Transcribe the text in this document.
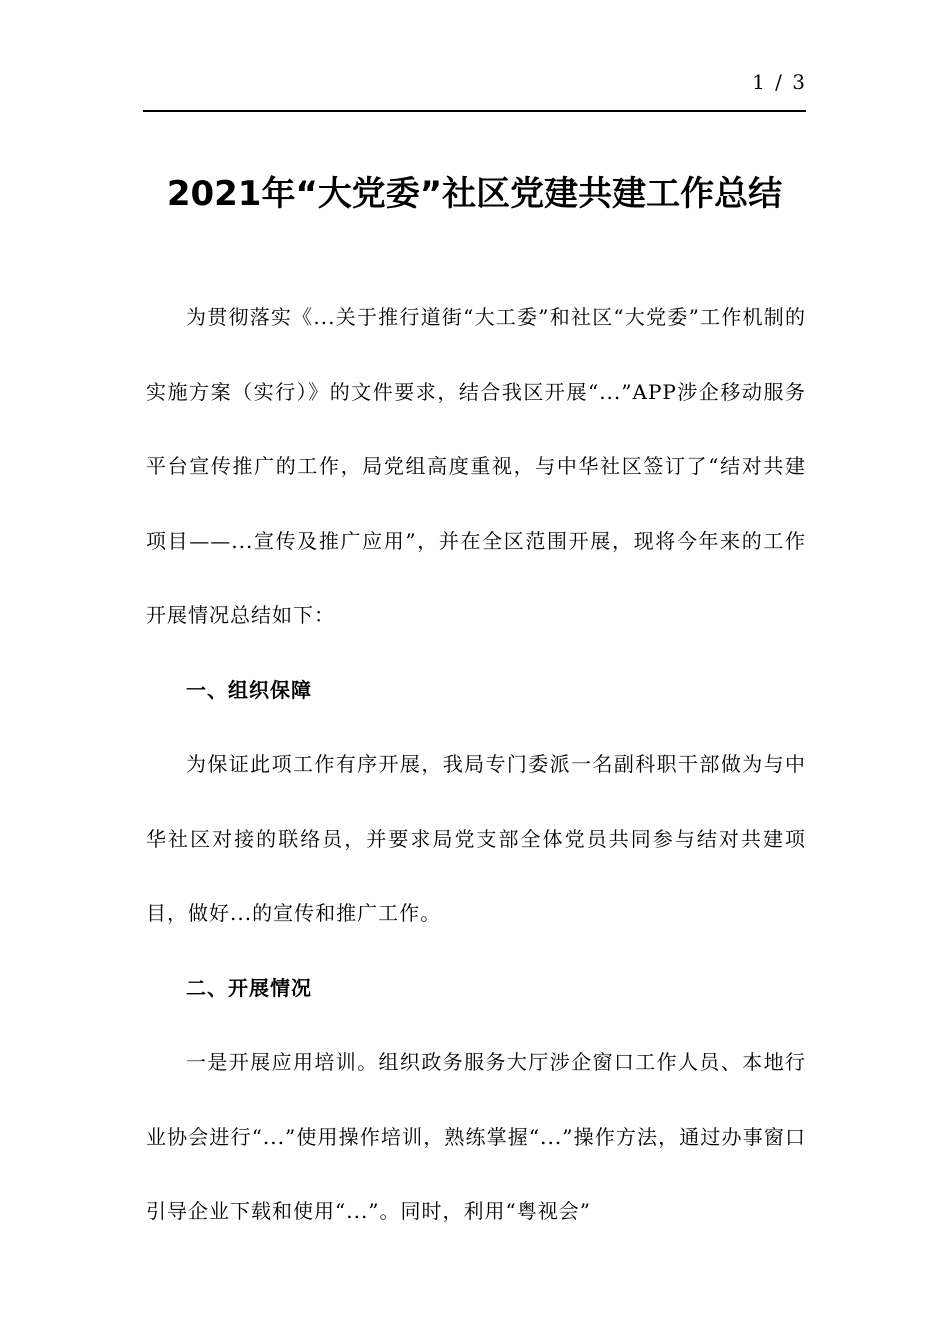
1 / 3
2021年“大党委”社区党建共建工作总结

为贯彻落实《...关于推行道街“大工委”和社区“大党委”工作机制的实施方案（实行）》的文件要求，结合我区开展“...”APP涉企移动服务平台宣传推广的工作，局党组高度重视，与中华社区签订了“结对共建项目——...宣传及推广应用”，并在全区范围开展，现将今年来的工作开展情况总结如下：

一、组织保障

为保证此项工作有序开展，我局专门委派一名副科职干部做为与中华社区对接的联络员，并要求局党支部全体党员共同参与结对共建项目，做好...的宣传和推广工作。

二、开展情况

一是开展应用培训。组织政务服务大厅涉企窗口工作人员、本地行业协会进行“...”使用操作培训，熟练掌握“...”操作方法，通过办事窗口引导企业下载和使用“...”。同时，利用“粤视会”
